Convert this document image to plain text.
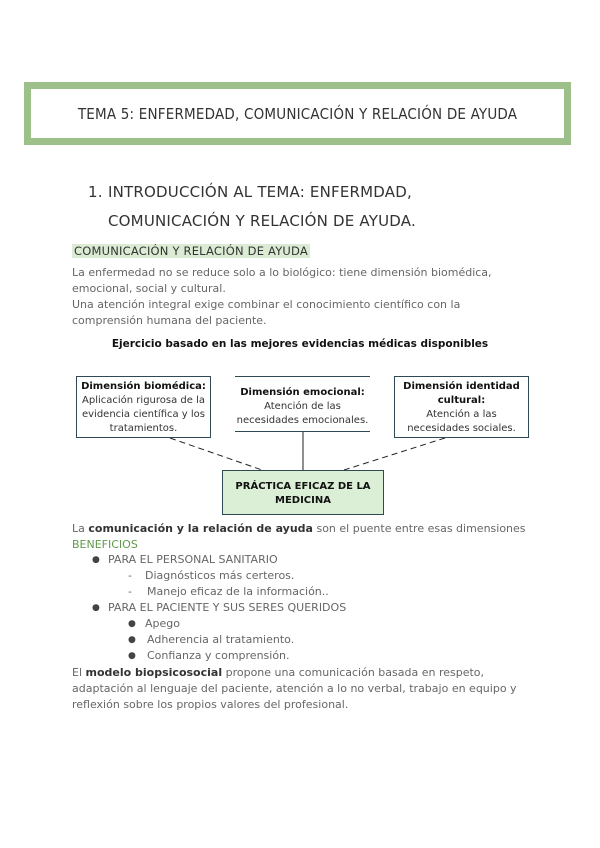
TEMA 5: ENFERMEDAD, COMUNICACIÓN Y RELACIÓN DE AYUDA
1. INTRODUCCIÓN AL TEMA: ENFERMDAD, COMUNICACIÓN Y RELACIÓN DE AYUDA.
COMUNICACIÓN Y RELACIÓN DE AYUDA
La enfermedad no se reduce solo a lo biológico: tiene dimensión biomédica, emocional, social y cultural.
Una atención integral exige combinar el conocimiento científico con la comprensión humana del paciente.
Ejercicio basado en las mejores evidencias médicas disponibles
Dimensión biomédica:
Aplicación rigurosa de la evidencia científica y los tratamientos.
Dimensión emocional:
Atención de las necesidades emocionales.
Dimensión identidad cultural:
Atención a las necesidades sociales.
PRÁCTICA EFICAZ DE LA MEDICINA
La comunicación y la relación de ayuda son el puente entre esas dimensiones
BENEFICIOS
● PARA EL PERSONAL SANITARIO
- Diagnósticos más certeros.
- Manejo eficaz de la información..
● PARA EL PACIENTE Y SUS SERES QUERIDOS
● Apego
● Adherencia al tratamiento.
● Confianza y comprensión.
El modelo biopsicosocial propone una comunicación basada en respeto, adaptación al lenguaje del paciente, atención a lo no verbal, trabajo en equipo y reflexión sobre los propios valores del profesional.
